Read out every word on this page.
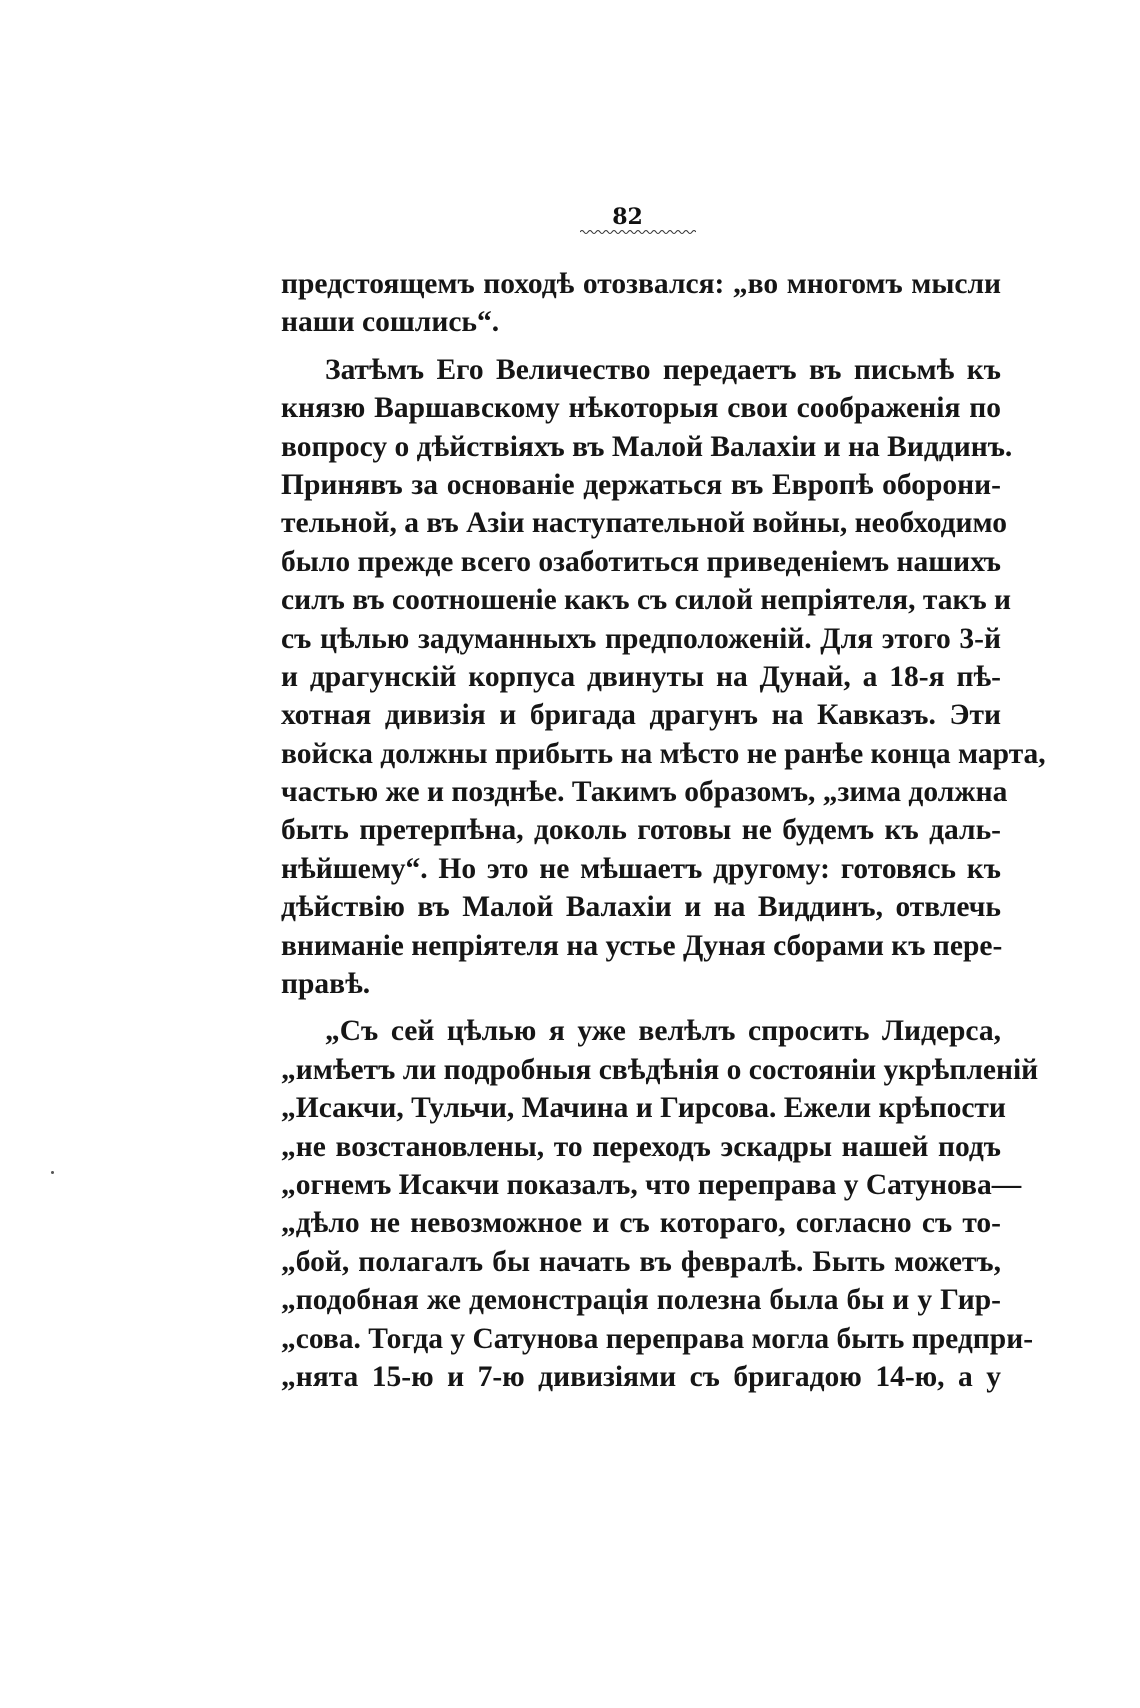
82
предстоящемъ походѣ отозвался: „во многомъ мысли
наши сошлись“.
Затѣмъ Его Величество передаетъ въ письмѣ къ
князю Варшавскому нѣкоторыя свои соображенія по
вопросу о дѣйствіяхъ въ Малой Валахіи и на Виддинъ.
Принявъ за основаніе держаться въ Европѣ оборони-
тельной, а въ Азіи наступательной войны, необходимо
было прежде всего озаботиться приведеніемъ нашихъ
силъ въ соотношеніе какъ съ силой непріятеля, такъ и
съ цѣлью задуманныхъ предположеній. Для этого 3-й
и драгунскій корпуса двинуты на Дунай, а 18-я пѣ-
хотная дивизія и бригада драгунъ на Кавказъ. Эти
войска должны прибыть на мѣсто не ранѣе конца марта,
частью же и позднѣе. Такимъ образомъ, „зима должна
быть претерпѣна, доколь готовы не будемъ къ даль-
нѣйшему“. Но это не мѣшаетъ другому: готовясь къ
дѣйствію въ Малой Валахіи и на Виддинъ, отвлечь
вниманіе непріятеля на устье Дуная сборами къ пере-
правѣ.
„Съ сей цѣлью я уже велѣлъ спросить Лидерса,
„имѣетъ ли подробныя свѣдѣнія о состояніи укрѣпленій
„Исакчи, Тульчи, Мачина и Гирсова. Ежели крѣпости
„не возстановлены, то переходъ эскадры нашей подъ
„огнемъ Исакчи показалъ, что переправа у Сатунова—
„дѣло не невозможное и съ котораго, согласно съ то-
„бой, полагалъ бы начать въ февралѣ. Быть можетъ,
„подобная же демонстрація полезна была бы и у Гир-
„сова. Тогда у Сатунова переправа могла быть предпри-
„нята 15-ю и 7-ю дивизіями съ бригадою 14-ю, а у
